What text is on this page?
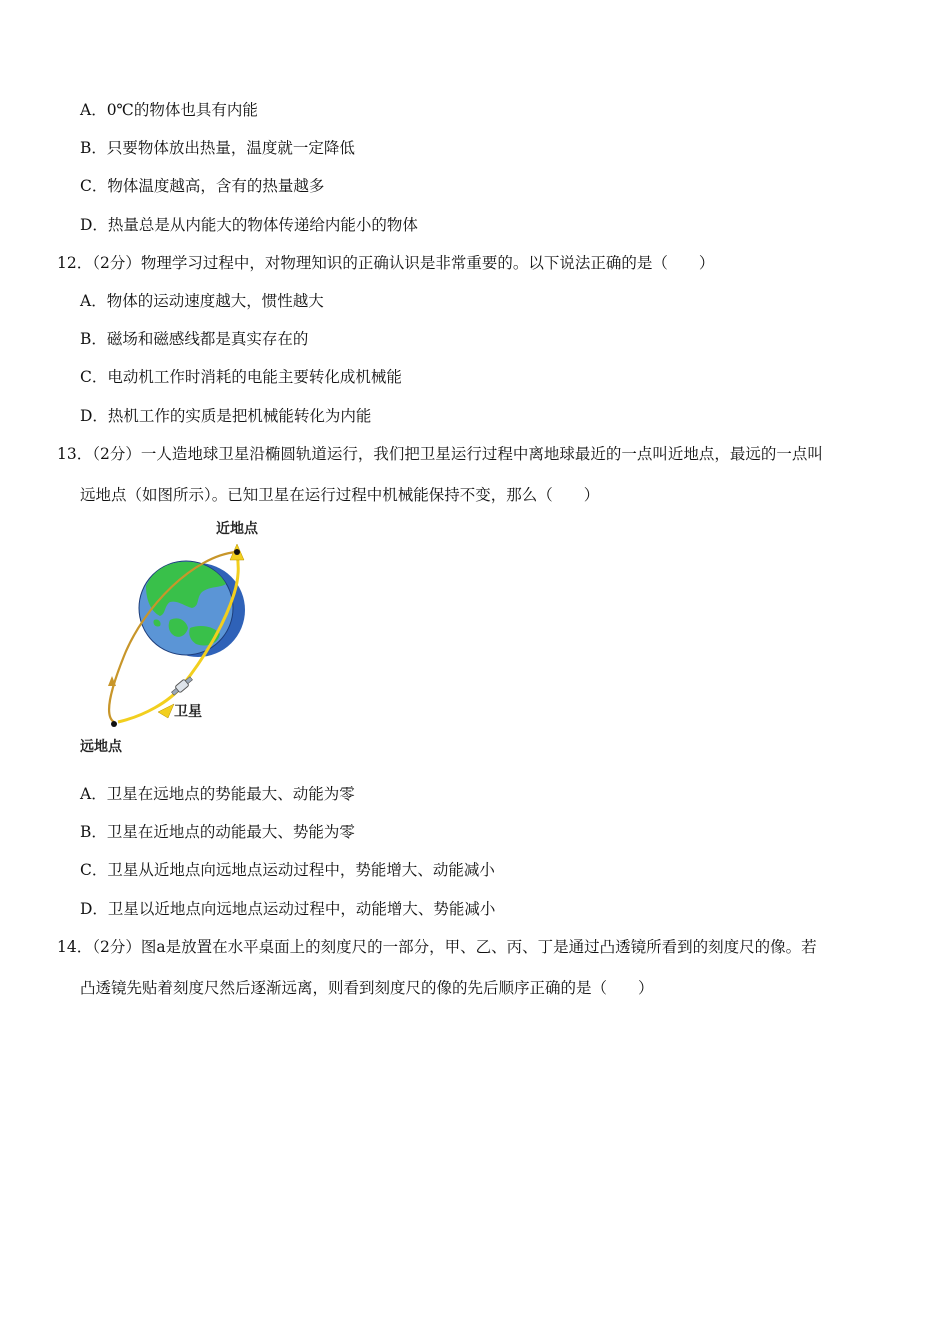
A．0℃的物体也具有内能
B．只要物体放出热量，温度就一定降低
C．物体温度越高，含有的热量越多
D．热量总是从内能大的物体传递给内能小的物体
12．（2分）物理学习过程中，对物理知识的正确认识是非常重要的。以下说法正确的是（　　）
A．物体的运动速度越大，惯性越大
B．磁场和磁感线都是真实存在的
C．电动机工作时消耗的电能主要转化成机械能
D．热机工作的实质是把机械能转化为内能
13．（2分）一人造地球卫星沿椭圆轨道运行，我们把卫星运行过程中离地球最近的一点叫近地点，最远的一点叫
远地点（如图所示）。已知卫星在运行过程中机械能保持不变，那么（　　）
近地点
远地点
卫星
A．卫星在远地点的势能最大、动能为零
B．卫星在近地点的动能最大、势能为零
C．卫星从近地点向远地点运动过程中，势能增大、动能减小
D．卫星以近地点向远地点运动过程中，动能增大、势能减小
14．（2分）图a是放置在水平桌面上的刻度尺的一部分，甲、乙、丙、丁是通过凸透镜所看到的刻度尺的像。若
凸透镜先贴着刻度尺然后逐渐远离，则看到刻度尺的像的先后顺序正确的是（　　）
